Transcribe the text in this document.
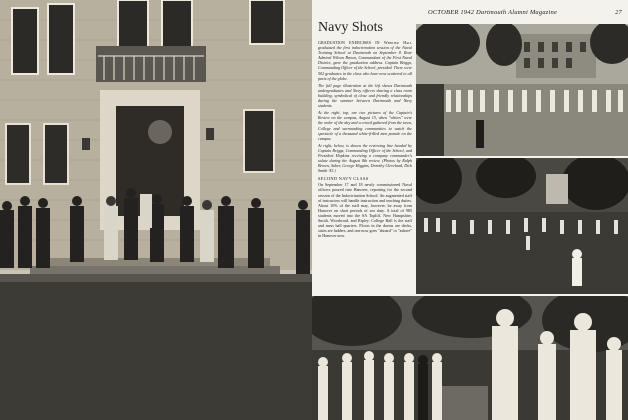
OCTOBER 1942 Dartmouth Alumni Magazine	27
Navy Shots

GRADUATION EXERCISES IN Webster Hall graduated the first indoctrination session of the Naval Training School at Dartmouth on September 8. Rear Admiral Wilson Brown, Commandant of the First Naval District, gave the graduation address. Captain Briggs, Commanding Officer of the School, presided. There were 502 graduates in the class who have now scattered to all parts of the globe.

The full page illustration at the left shows Dartmouth undergraduates and Navy officers sharing a class room building, symbolical of close and friendly relationships during the summer between Dartmouth and Navy students.

At the right, top, are two pictures of the Captain's Review on the campus, August 15, when "whites" were the order of the day and a crowd gathered from the town, College and surrounding communities to watch the spectacle of a thousand white-frilled men parade on the campus.

At right, below, is shown the reviewing line headed by Captain Briggs, Commanding Officer of the School, and President Hopkins receiving a company commander's salute during the August 8th review. (Photos by Ralph Brown, Saber, George Higgins, Dorothy Cleveland, Dick Smith '43.)

SECOND NAVY CLASS

On September 17 and 18 newly commissioned Naval officers poured into Hanover, reporting for the second session of the Indoctrination School. An augmented staff of instructors will handle instruction and teaching duties. About 10% of the staff may, however, be away from Hanover on short periods of sea duty. A total of 985 students moved into the SA Topliff, New Hampshire, Smith, Woodward, and Ripley. College Hall is the staff and mess hall quarters. Floors in the dorms are decks, stairs are ladders, and one now goes "aboard" or "ashore" in Hanover now.
